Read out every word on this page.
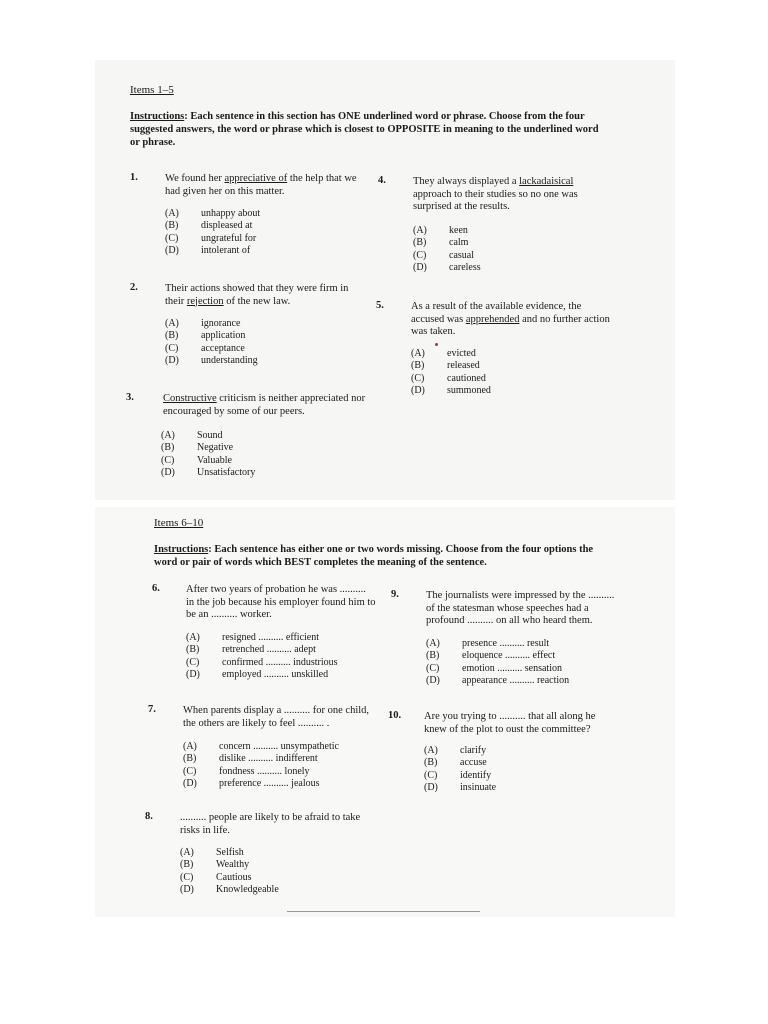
Items 1–5
Instructions: Each sentence in this section has ONE underlined word or phrase. Choose from the four suggested answers, the word or phrase which is closest to OPPOSITE in meaning to the underlined word or phrase.
1.	We found her appreciative of the help that we had given her on this matter.
(A)	unhappy about
(B)	displeased at
(C)	ungrateful for
(D)	intolerant of
2.	Their actions showed that they were firm in their rejection of the new law.
(A)	ignorance
(B)	application
(C)	acceptance
(D)	understanding
3.	Constructive criticism is neither appreciated nor encouraged by some of our peers.
(A)	Sound
(B)	Negative
(C)	Valuable
(D)	Unsatisfactory
4.	They always displayed a lackadaisical approach to their studies so no one was surprised at the results.
(A)	keen
(B)	calm
(C)	casual
(D)	careless
5.	As a result of the available evidence, the accused was apprehended and no further action was taken.
(A)	evicted
(B)	released
(C)	cautioned
(D)	summoned
Items 6–10
Instructions: Each sentence has either one or two words missing. Choose from the four options the word or pair of words which BEST completes the meaning of the sentence.
6. After two years of probation he was .......... in the job because his employer found him to be an .......... worker.
(A)	resigned .......... efficient
(B)	retrenched .......... adept
(C)	confirmed .......... industrious
(D)	employed .......... unskilled
7.	When parents display a .......... for one child, the others are likely to feel .......... .
(A)	concern .......... unsympathetic
(B)	dislike .......... indifferent
(C)	fondness .......... lonely
(D)	preference .......... jealous
8.	.......... people are likely to be afraid to take risks in life.
(A)	Selfish
(B)	Wealthy
(C)	Cautious
(D)	Knowledgeable
9.	The journalists were impressed by the .......... of the statesman whose speeches had a profound .......... on all who heard them.
(A)	presence .......... result
(B)	eloquence .......... effect
(C)	emotion .......... sensation
(D)	appearance .......... reaction
10. Are you trying to .......... that all along he knew of the plot to oust the committee?
(A)	clarify
(B)	accuse
(C)	identify
(D)	insinuate
